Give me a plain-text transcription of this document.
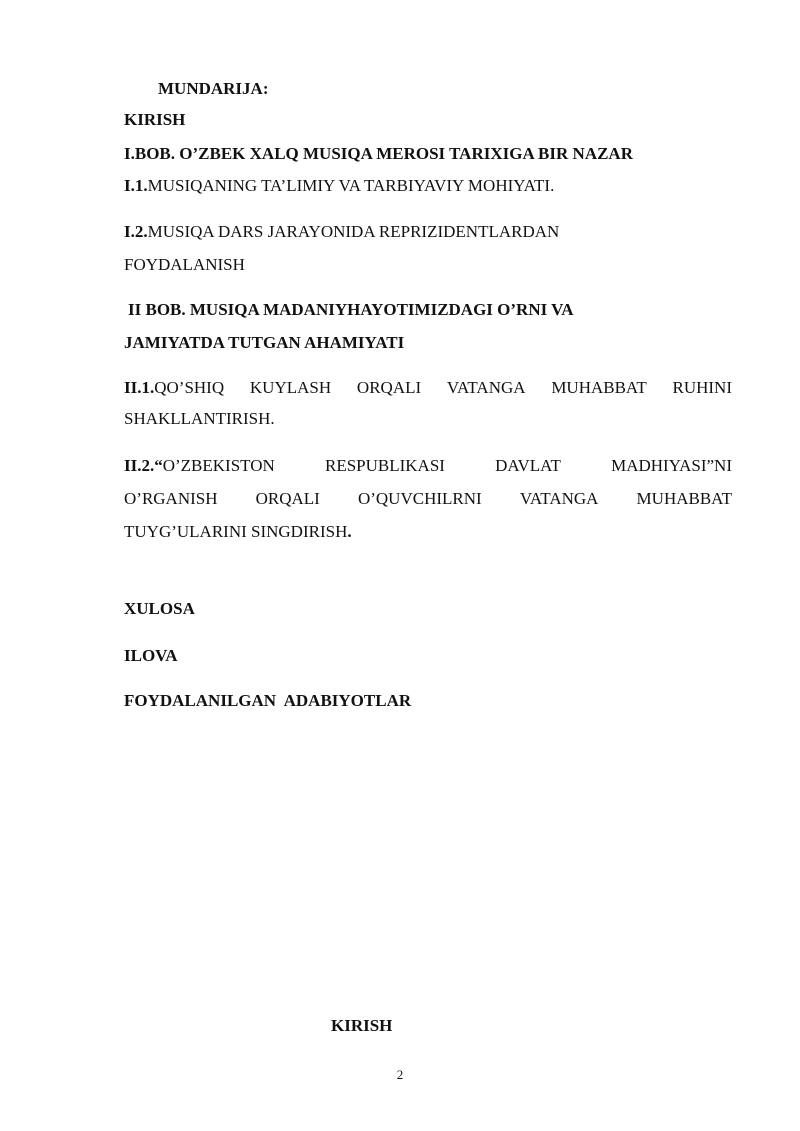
MUNDARIJA:
KIRISH
I.BOB. O’ZBEK XALQ MUSIQA MEROSI TARIXIGA BIR NAZAR
I.1.MUSIQANING TA’LIMIY VA TARBIYAVIY MOHIYATI.
I.2.MUSIQA DARS JARAYONIDA REPRIZIDENTLARDAN
FOYDALANISH
II BOB. MUSIQA MADANIYHAYOTIMIZDAGI O’RNI VA
JAMIYATDA TUTGAN AHAMIYATI
II.1.QO’SHIQ KUYLASH ORQALI VATANGA MUHABBAT RUHINI
SHAKLLANTIRISH.
II.2.“O’ZBEKISTON	RESPUBLIKASI	DAVLAT	MADHIYASI”NI
O’RGANISH ORQALI O’QUVCHILRNI VATANGA MUHABBAT
TUYG’ULARINI SINGDIRISH.
XULOSA
ILOVA
FOYDALANILGAN  ADABIYOTLAR
KIRISH
2
